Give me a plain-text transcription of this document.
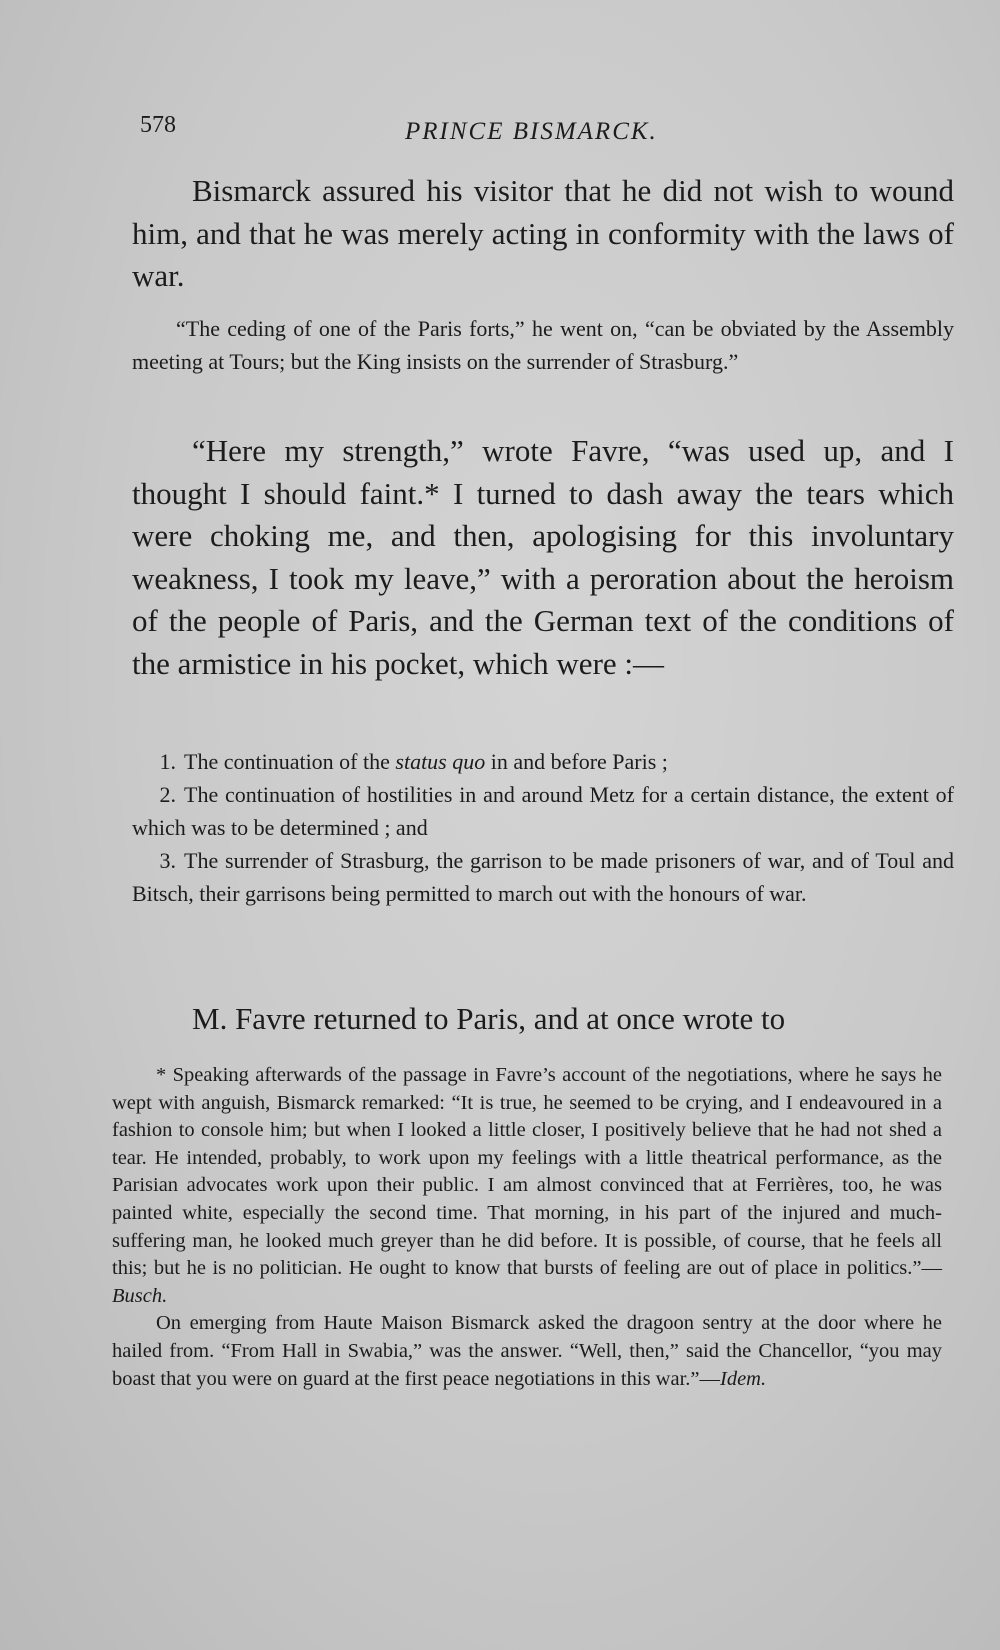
578	PRINCE BISMARCK.

Bismarck assured his visitor that he did not wish to wound him, and that he was merely acting in conformity with the laws of war.

“The ceding of one of the Paris forts,” he went on, “can be obviated by the Assembly meeting at Tours; but the King insists on the surrender of Strasburg.”

“Here my strength,” wrote Favre, “was used up, and I thought I should faint.* I turned to dash away the tears which were choking me, and then, apologising for this involuntary weakness, I took my leave,” with a peroration about the heroism of the people of Paris, and the German text of the conditions of the armistice in his pocket, which were :—

1. The continuation of the status quo in and before Paris ;

2. The continuation of hostilities in and around Metz for a certain distance, the extent of which was to be determined ; and

3. The surrender of Strasburg, the garrison to be made prisoners of war, and of Toul and Bitsch, their garrisons being permitted to march out with the honours of war.

M. Favre returned to Paris, and at once wrote to

* Speaking afterwards of the passage in Favre’s account of the negotiations, where he says he wept with anguish, Bismarck remarked: “It is true, he seemed to be crying, and I endeavoured in a fashion to console him; but when I looked a little closer, I positively believe that he had not shed a tear. He intended, probably, to work upon my feelings with a little theatrical performance, as the Parisian advocates work upon their public. I am almost convinced that at Ferrières, too, he was painted white, especially the second time. That morning, in his part of the injured and much-suffering man, he looked much greyer than he did before. It is possible, of course, that he feels all this; but he is no politician. He ought to know that bursts of feeling are out of place in politics.”—Busch.

On emerging from Haute Maison Bismarck asked the dragoon sentry at the door where he hailed from. “From Hall in Swabia,” was the answer. “Well, then,” said the Chancellor, “you may boast that you were on guard at the first peace negotiations in this war.”—Idem.
